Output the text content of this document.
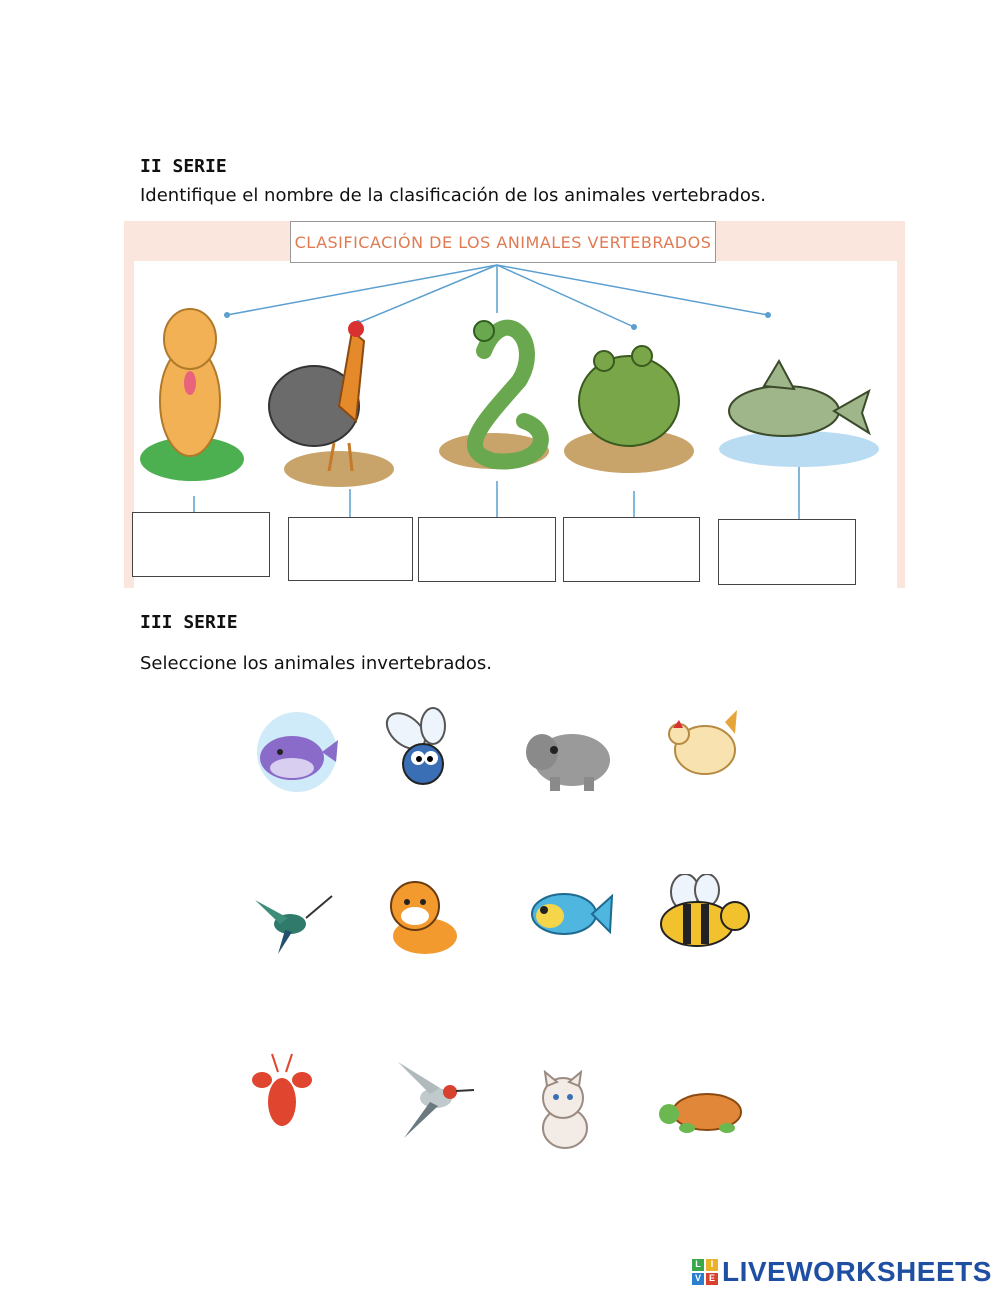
II SERIE
Identifique el nombre de la clasificación de los animales vertebrados.
CLASIFICACIÓN DE LOS ANIMALES VERTEBRADOS
III SERIE
Seleccione los animales invertebrados.
L	I
V E LIVEWORKSHEETS
